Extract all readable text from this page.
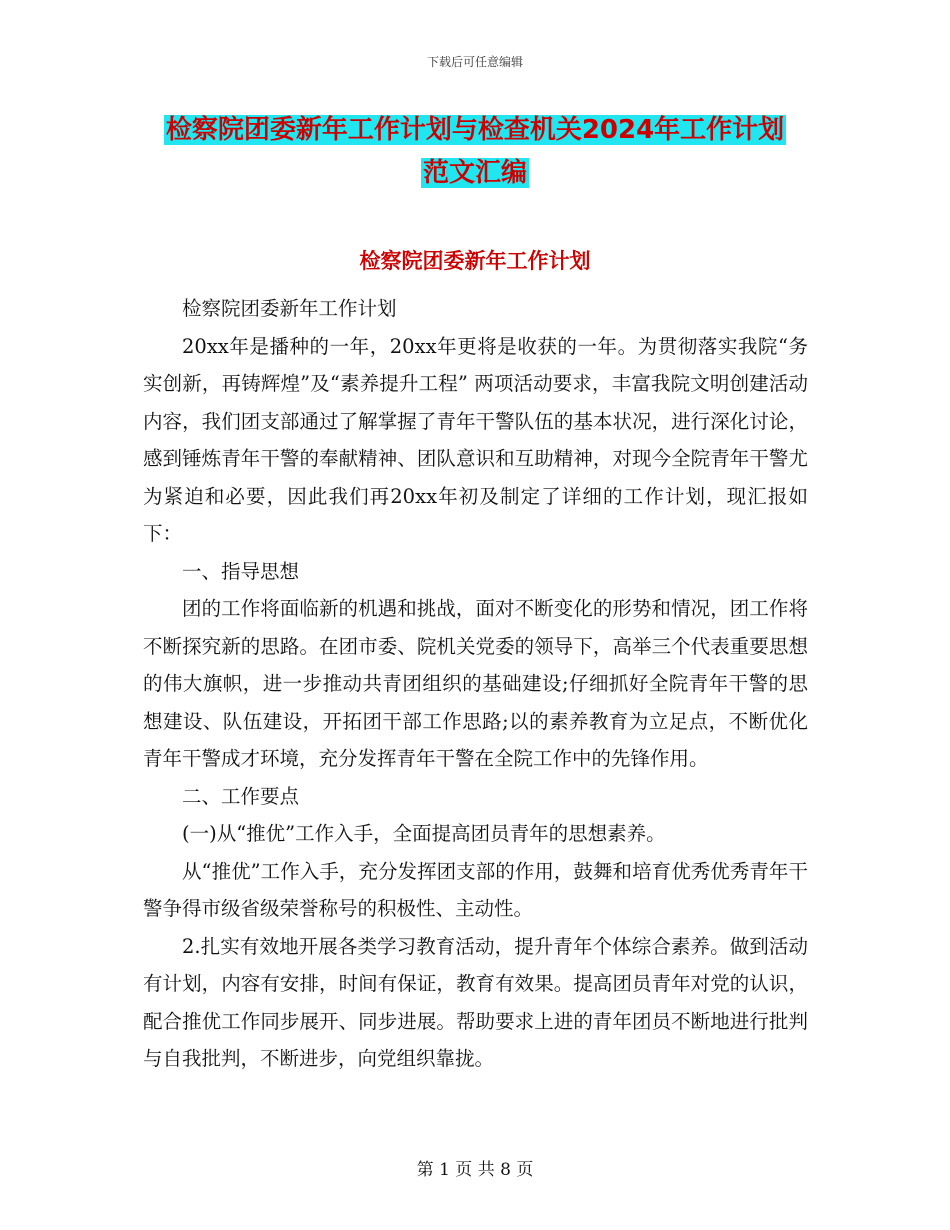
下载后可任意编辑
检察院团委新年工作计划与检查机关2024年工作计划
范文汇编
检察院团委新年工作计划

检察院团委新年工作计划

20xx年是播种的一年，20xx年更将是收获的一年。为贯彻落实我院“务实创新，再铸辉煌”及“素养提升工程” 两项活动要求，丰富我院文明创建活动内容，我们团支部通过了解掌握了青年干警队伍的基本状况，进行深化讨论，感到锤炼青年干警的奉献精神、团队意识和互助精神，对现今全院青年干警尤为紧迫和必要，因此我们再20xx年初及制定了详细的工作计划，现汇报如下：

一、指导思想

团的工作将面临新的机遇和挑战，面对不断变化的形势和情况，团工作将不断探究新的思路。在团市委、院机关党委的领导下，高举三个代表重要思想的伟大旗帜，进一步推动共青团组织的基础建设;仔细抓好全院青年干警的思想建设、队伍建设，开拓团干部工作思路;以的素养教育为立足点，不断优化青年干警成才环境，充分发挥青年干警在全院工作中的先锋作用。

二、工作要点

(一)从“推优”工作入手，全面提高团员青年的思想素养。

从“推优”工作入手，充分发挥团支部的作用，鼓舞和培育优秀优秀青年干警争得市级省级荣誉称号的积极性、主动性。

2.扎实有效地开展各类学习教育活动，提升青年个体综合素养。做到活动有计划，内容有安排，时间有保证，教育有效果。提高团员青年对党的认识，配合推优工作同步展开、同步进展。帮助要求上进的青年团员不断地进行批判与自我批判，不断进步，向党组织靠拢。

第 1 页 共 8 页
